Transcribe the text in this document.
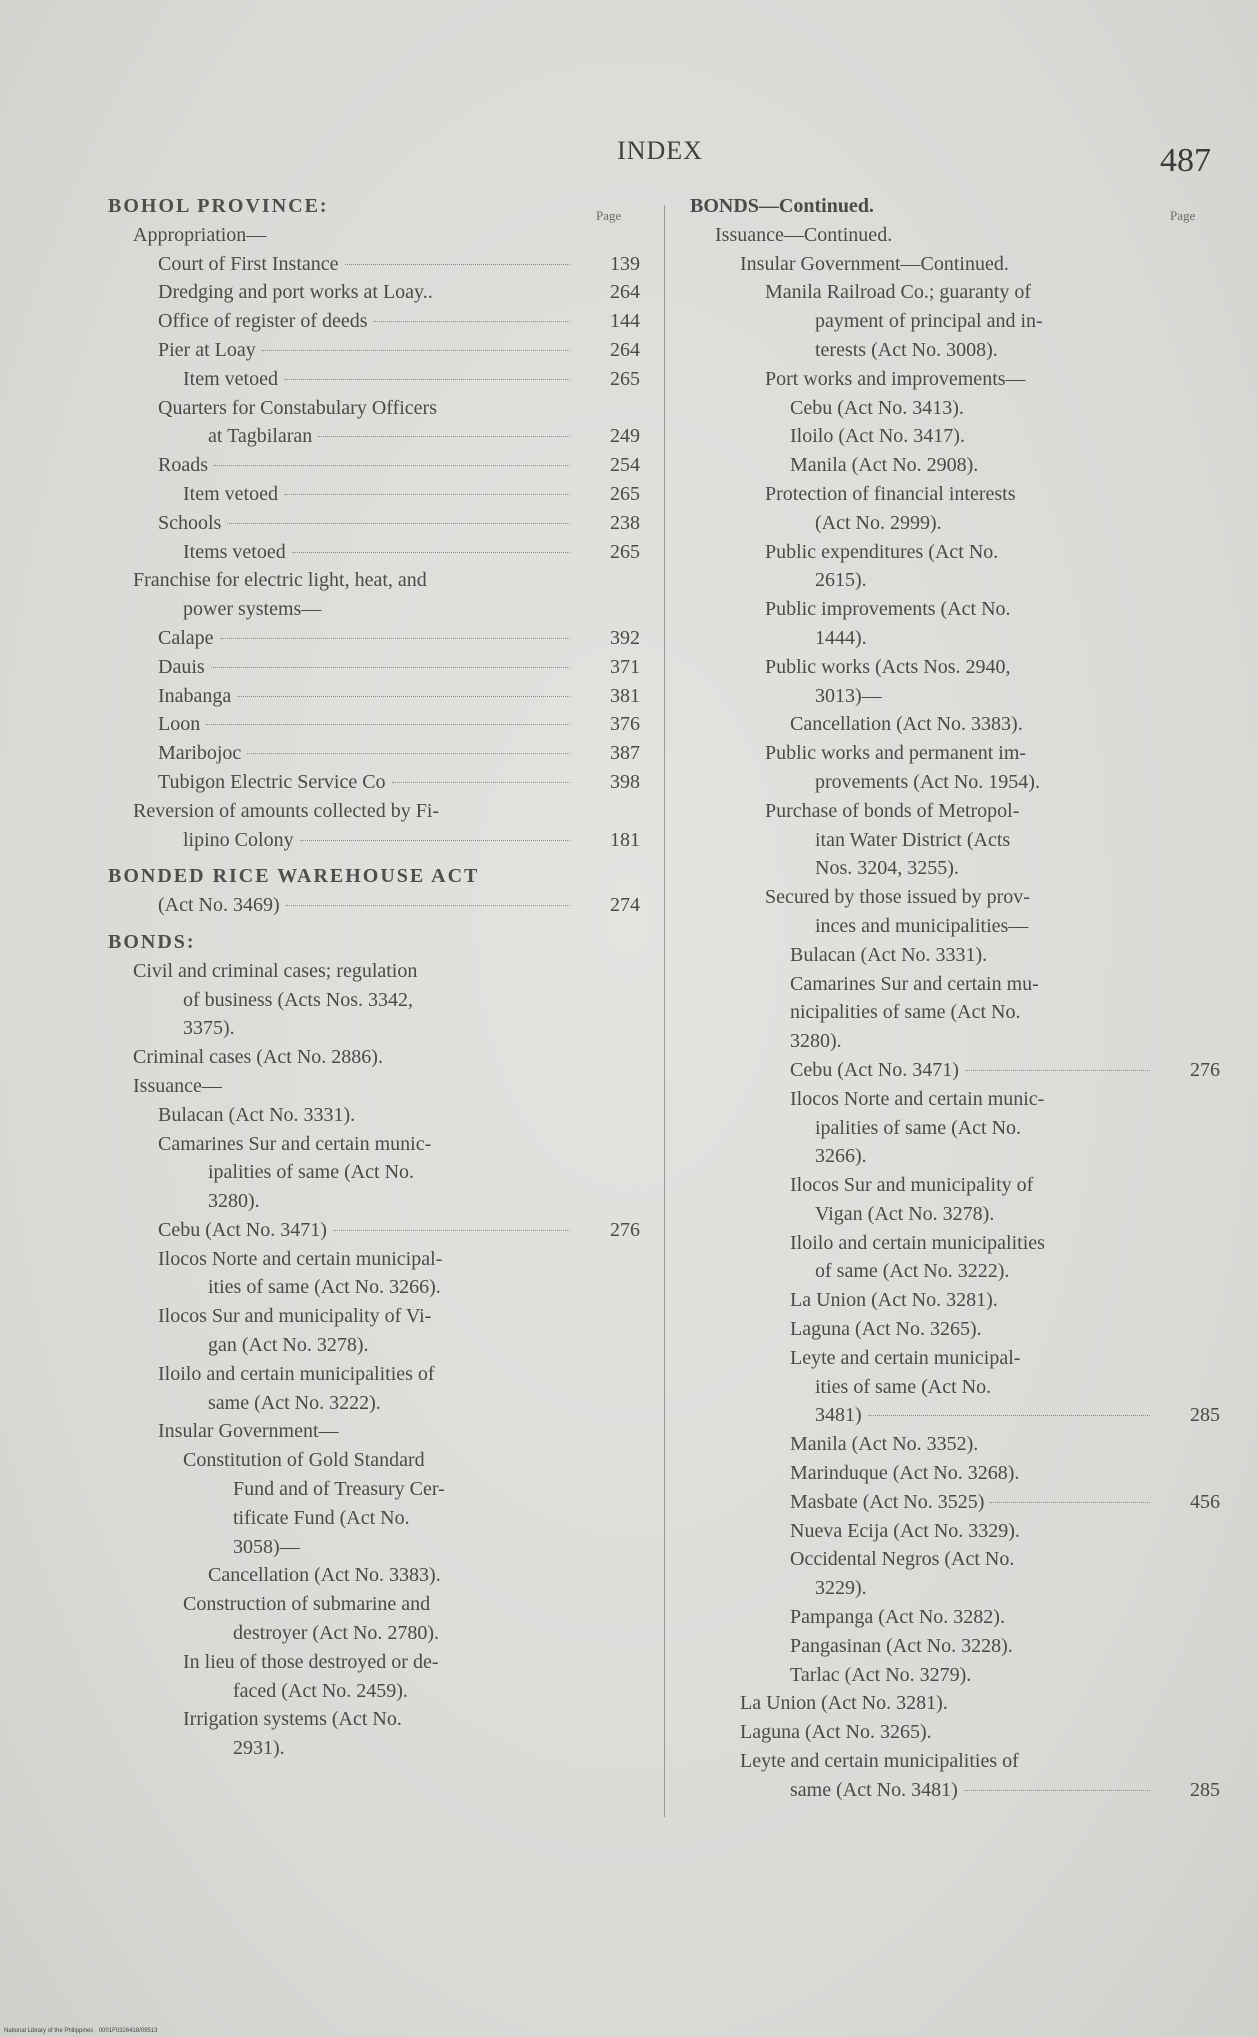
INDEX	487
Page	Page
BOHOL PROVINCE:
Appropriation—
Court of First Instance	139
Dredging and port works at Loay..	264
Office of register of deeds	144
Pier at Loay	264
Item vetoed	265
Quarters for Constabulary Officers
at Tagbilaran	249
Roads	254
Item vetoed	265
Schools	238
Items vetoed	265
Franchise for electric light, heat, and
power systems—
Calape	392
Dauis	371
Inabanga	381
Loon	376
Maribojoc	387
Tubigon Electric Service Co	398
Reversion of amounts collected by Fi-
lipino Colony	181
BONDED RICE WAREHOUSE ACT
(Act No. 3469)	274
BONDS:
Civil and criminal cases; regulation
of business (Acts Nos. 3342,
3375).
Criminal cases (Act No. 2886).
Issuance—
Bulacan (Act No. 3331).
Camarines Sur and certain munic-
ipalities of same (Act No.
3280).
Cebu (Act No. 3471)	276
Ilocos Norte and certain municipal-
ities of same (Act No. 3266).
Ilocos Sur and municipality of Vi-
gan (Act No. 3278).
Iloilo and certain municipalities of
same (Act No. 3222).
Insular Government—
Constitution of Gold Standard
Fund and of Treasury Cer-
tificate Fund (Act No.
3058)—
Cancellation (Act No. 3383).
Construction of submarine and
destroyer (Act No. 2780).
In lieu of those destroyed or de-
faced (Act No. 2459).
Irrigation systems (Act No.
2931).
BONDS—Continued.
Issuance—Continued.
Insular Government—Continued.
Manila Railroad Co.; guaranty of
payment of principal and in-
terests (Act No. 3008).
Port works and improvements—
Cebu (Act No. 3413).
Iloilo (Act No. 3417).
Manila (Act No. 2908).
Protection of financial interests
(Act No. 2999).
Public expenditures (Act No.
2615).
Public improvements (Act No.
1444).
Public works (Acts Nos. 2940,
3013)—
Cancellation (Act No. 3383).
Public works and permanent im-
provements (Act No. 1954).
Purchase of bonds of Metropol-
itan Water District (Acts
Nos. 3204, 3255).
Secured by those issued by prov-
inces and municipalities—
Bulacan (Act No. 3331).
Camarines Sur and certain mu-
nicipalities of same (Act No.
3280).
Cebu (Act No. 3471)	276
Ilocos Norte and certain munic-
ipalities of same (Act No.
3266).
Ilocos Sur and municipality of
Vigan (Act No. 3278).
Iloilo and certain municipalities
of same (Act No. 3222).
La Union (Act No. 3281).
Laguna (Act No. 3265).
Leyte and certain municipal-
ities of same (Act No.
3481)	285
Manila (Act No. 3352).
Marinduque (Act No. 3268).
Masbate (Act No. 3525)	456
Nueva Ecija (Act No. 3329).
Occidental Negros (Act No.
3229).
Pampanga (Act No. 3282).
Pangasinan (Act No. 3228).
Tarlac (Act No. 3279).
La Union (Act No. 3281).
Laguna (Act No. 3265).
Leyte and certain municipalities of
same (Act No. 3481)	285
National Library of the Philippines · 0001F0326418/09513
